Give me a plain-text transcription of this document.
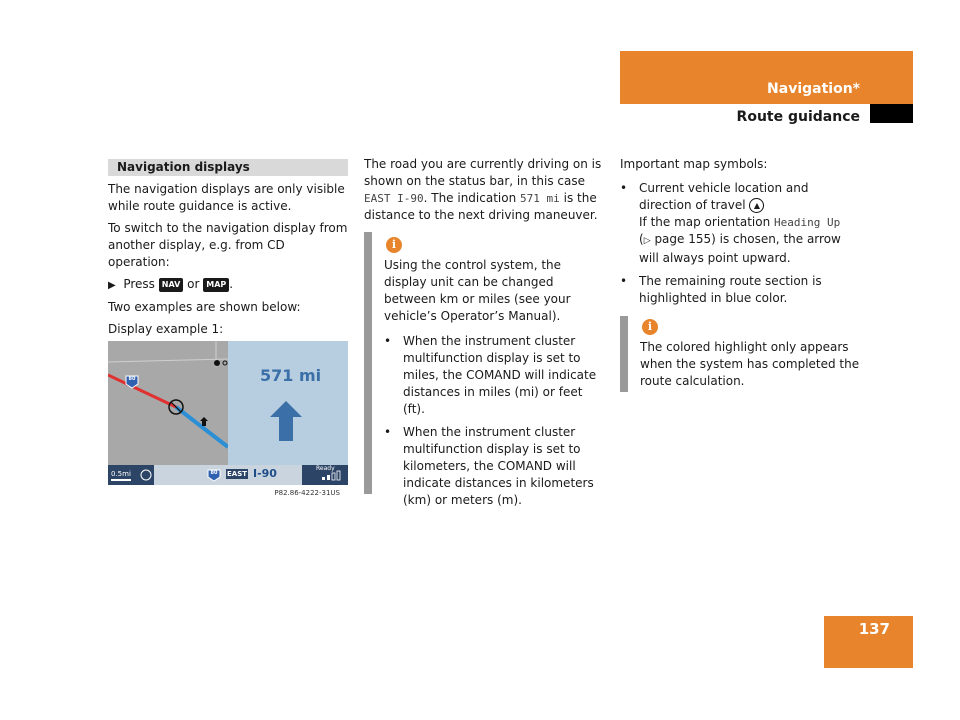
Navigation*
Route guidance
Navigation displays
The navigation displays are only visible while route guidance is active.
To switch to the navigation display from another display, e.g. from CD operation:
▶ Press NAV or MAP .
Two examples are shown below:
Display example 1:
571 mi
0.5mi
80
80	EAST I-90	Ready
P82.86-4222-31US
The road you are currently driving on is shown on the status bar, in this case EAST I-90. The indication 571 mi is the distance to the next driving maneuver.
i
Using the control system, the display unit can be changed between km or miles (see your vehicle’s Operator’s Manual).
• When the instrument cluster multifunction display is set to miles, the COMAND will indicate distances in miles (mi) or feet (ft).
• When the instrument cluster multifunction display is set to kilometers, the COMAND will indicate distances in kilometers (km) or meters (m).
Important map symbols:
• Current vehicle location and direction of travel ▲
If the map orientation Heading Up
(▷ page 155) is chosen, the arrow will always point upward.
• The remaining route section is highlighted in blue color.
i
The colored highlight only appears when the system has completed the route calculation.
137
